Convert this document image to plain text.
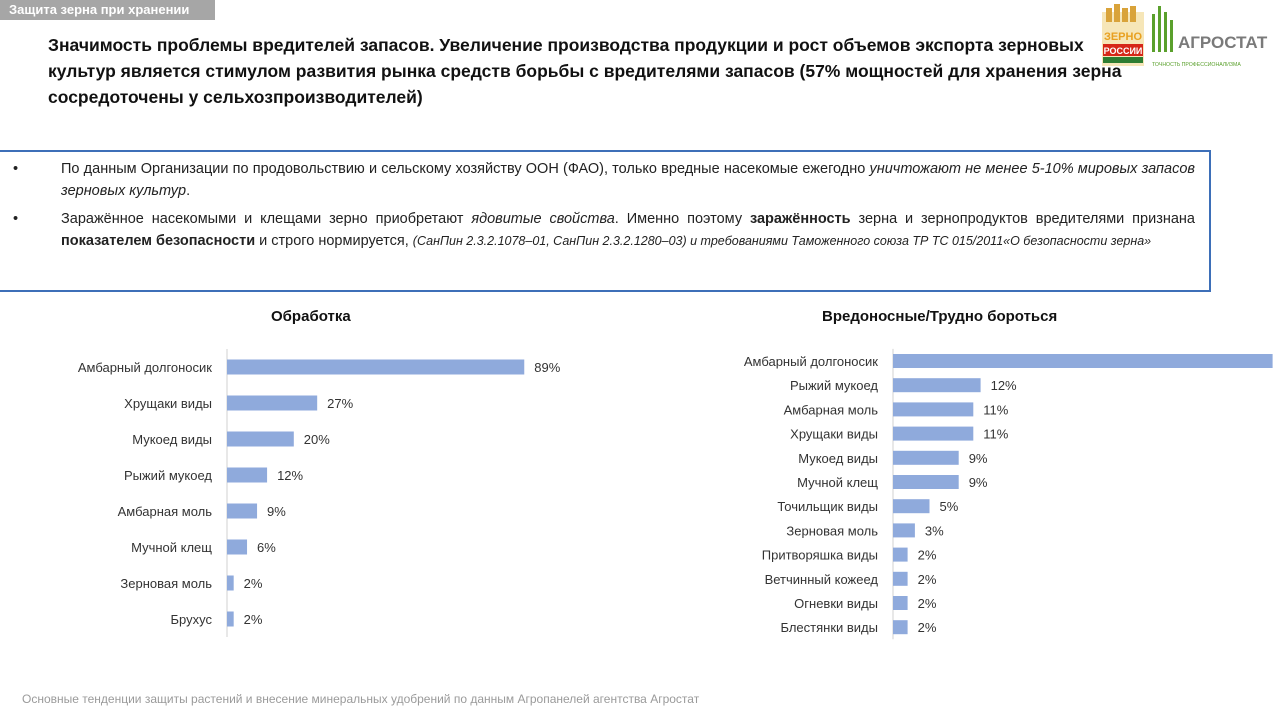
Защита зерна при хранении
ЗЕРНО
РОССИИ АГРОСТАТ
ТОЧНОСТЬ ПРОФЕССИОНАЛИЗМА
Значимость проблемы вредителей запасов. Увеличение производства продукции и рост объемов экспорта зерновых культур является стимулом развития рынка средств борьбы с вредителями запасов (57% мощностей для хранения зерна сосредоточены у сельхозпроизводителей)
•	По данным Организации по продовольствию и сельскому хозяйству ООН (ФАО), только вредные насекомые ежегодно уничтожают не менее 5-10% мировых запасов зерновых культур.
•	Заражённое насекомыми и клещами зерно приобретают ядовитые свойства. Именно поэтому заражённость зерна и зернопродуктов вредителями признана показателем безопасности и строго нормируется, (СанПин 2.3.2.1078–01, СанПин 2.3.2.1280–03) и требованиями Таможенного союза ТР ТС 015/2011«О безопасности зерна»
Обработка
Амбарный долгоносик	89%
Хрущаки виды	27%
Мукоед виды	20%
Рыжий мукоед	12%
Амбарная моль	9%
Мучной клещ	6%
Зерновая моль 2%
Брухус 2%
Вредоносные/Трудно бороться
Амбарный долгоносик
Рыжий мукоед	12%
Амбарная моль	11%
Хрущаки виды	11%
Мукоед виды	9%
Мучной клещ	9%
Точильщик виды	5%
Зерновая моль	3%
Притворяшка виды	2%
Ветчинный кожеед	2%
Огневки виды	2%
Блестянки виды	2%
Основные тенденции защиты растений и внесение минеральных удобрений по данным Агропанелей агентства Агростат
